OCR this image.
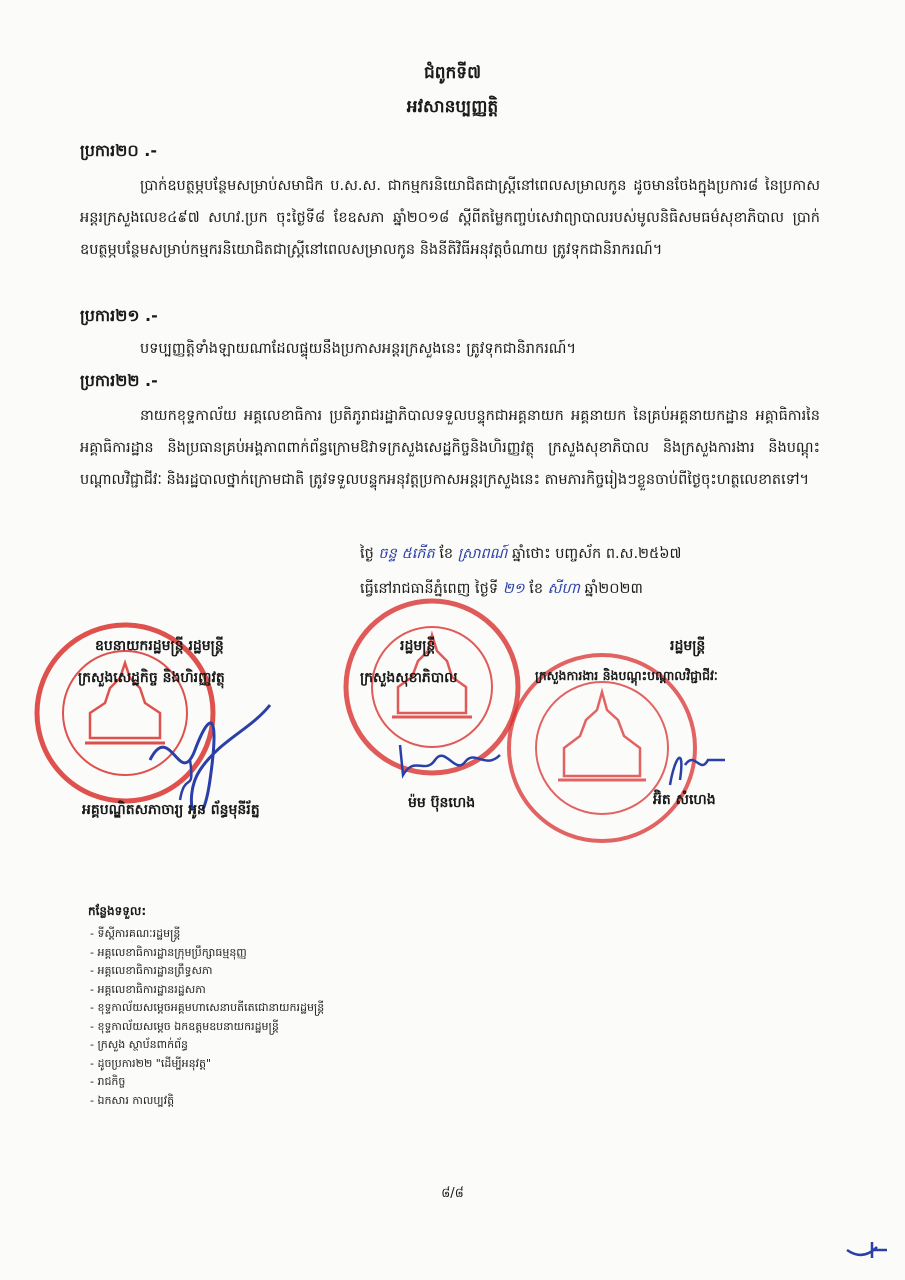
ជំពូកទី៧
អវសានប្បញ្ញត្តិ
ប្រការ២០ .-
ប្រាក់ឧបត្ថម្ភបន្ថែមសម្រាប់សមាជិក ប.ស.ស. ជាកម្មករនិយោជិតជាស្ត្រីនៅពេលសម្រាលកូន ដូចមានចែងក្នុងប្រការ៨ នៃប្រកាសអន្តរក្រសួងលេខ៤៩៧ សហវ.ប្រក ចុះថ្ងៃទី៨ ខែឧសភា ឆ្នាំ២០១៨ ស្តីពីតម្លៃកញ្ចប់សេវាព្យាបាលរបស់មូលនិធិសមធម៌សុខាភិបាល ប្រាក់ឧបត្ថម្ភបន្ថែមសម្រាប់កម្មករនិយោជិតជាស្ត្រីនៅពេលសម្រាលកូន និងនីតិវិធីអនុវត្តចំណាយ ត្រូវទុកជានិរាករណ៍។
ប្រការ២១ .-
បទប្បញ្ញត្តិទាំងឡាយណាដែលផ្ទុយនឹងប្រកាសអន្តរក្រសួងនេះ ត្រូវទុកជានិរាករណ៍។
ប្រការ២២ .-
នាយកខុទ្ទកាល័យ អគ្គលេខាធិការ ប្រតិភូរាជរដ្ឋាភិបាលទទួលបន្ទុកជាអគ្គនាយក អគ្គនាយក នៃគ្រប់អគ្គនាយកដ្ឋាន អគ្គាធិការនៃអគ្គាធិការដ្ឋាន និងប្រធានគ្រប់អង្គភាពពាក់ព័ន្ធក្រោមឱវាទក្រសួងសេដ្ឋកិច្ចនិងហិរញ្ញវត្ថុ ក្រសួងសុខាភិបាល និងក្រសួងការងារ និងបណ្តុះបណ្តាលវិជ្ជាជីវៈ និងរដ្ឋបាលថ្នាក់ក្រោមជាតិ ត្រូវទទួលបន្ទុកអនុវត្តប្រកាសអន្តរក្រសួងនេះ តាមភារកិច្ចរៀងៗខ្លួនចាប់ពីថ្ងៃចុះហត្ថលេខាតទៅ។
ថ្ងៃ ចន្ទ ៥កើត ខែ ស្រាពណ៍ ឆ្នាំថោះ បញ្ចស័ក ព.ស.២៥៦៧
ធ្វើនៅរាជធានីភ្នំពេញ ថ្ងៃទី ២១ ខែ សីហា ឆ្នាំ២០២៣
ឧបនាយករដ្ឋមន្ត្រី រដ្ឋមន្ត្រី
ក្រសួងសេដ្ឋកិច្ច និងហិរញ្ញវត្ថុ
រដ្ឋមន្ត្រី
ក្រសួងសុខាភិបាល
រដ្ឋមន្ត្រី
ក្រសួងការងារ និងបណ្តុះបណ្តាលវិជ្ជាជីវៈ
អគ្គបណ្ឌិតសភាចារ្យ អូន ព័ន្ធមុនីរ័ត្ន	ម៉ម ប៊ុនហេង	អ៊ិត សំហេង
កន្លែងទទួល:
- ទីស្តីការគណៈរដ្ឋមន្ត្រី
- អគ្គលេខាធិការដ្ឋានក្រុមប្រឹក្សាធម្មនុញ្ញ
- អគ្គលេខាធិការដ្ឋានព្រឹទ្ធសភា
- អគ្គលេខាធិការដ្ឋានរដ្ឋសភា
- ខុទ្ទកាល័យសម្តេចអគ្គមហាសេនាបតីតេជោនាយករដ្ឋមន្ត្រី
- ខុទ្ទកាល័យសម្តេច ឯកឧត្តមឧបនាយករដ្ឋមន្ត្រី
- ក្រសួង ស្ថាប័នពាក់ព័ន្ធ
- ដូចប្រការ២២ "ដើម្បីអនុវត្ត"
- រាជកិច្ច
- ឯកសារ កាលប្បវត្តិ
៨/៨
